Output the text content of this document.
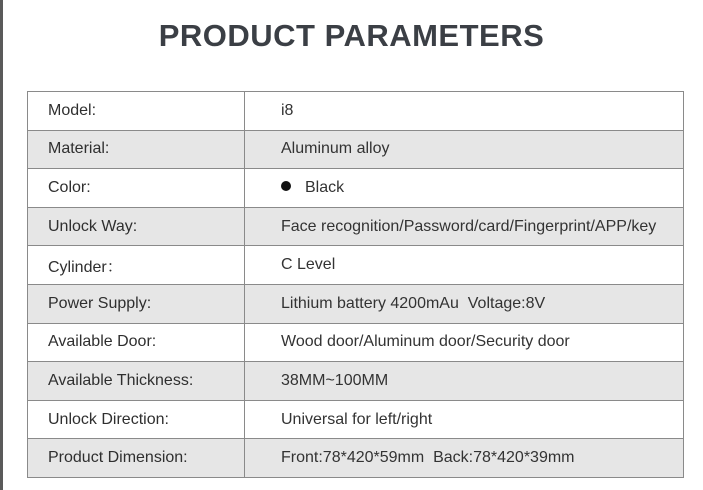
PRODUCT PARAMETERS
Model:	i8
Material:	Aluminum alloy
Color:	Black
Unlock Way:	Face recognition/Password/card/Fingerprint/APP/key
Cylinder：	C Level
Power Supply:	Lithium battery 4200mAu  Voltage:8V
Available Door:	Wood door/Aluminum door/Security door
Available Thickness:	38MM~100MM
Unlock Direction:	Universal for left/right
Product Dimension:	Front:78*420*59mm  Back:78*420*39mm
